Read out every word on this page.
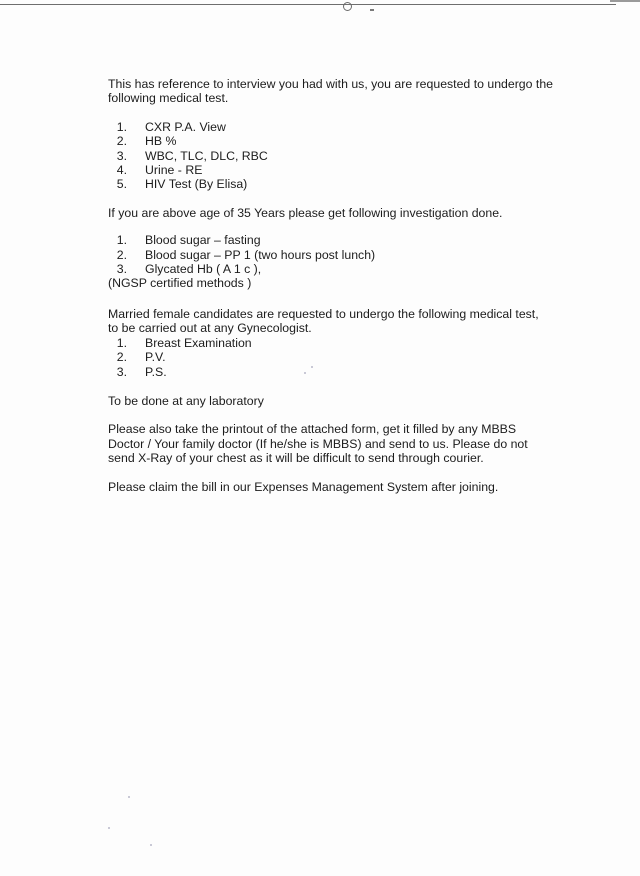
This has reference to interview you had with us, you are requested to undergo the following medical test.

1. CXR P.A. View
2. HB %
3. WBC, TLC, DLC, RBC
4. Urine - RE
5. HIV Test (By Elisa)

If you are above age of 35 Years please get following investigation done.

1. Blood sugar – fasting
2. Blood sugar – PP 1 (two hours post lunch)
3. Glycated Hb ( A 1 c ),

(NGSP certified methods )

Married female candidates are requested to undergo the following medical test,

to be carried out at any Gynecologist.

1. Breast Examination
2. P.V.
3. P.S.

To be done at any laboratory

Please also take the printout of the attached form, get it filled by any MBBS

Doctor / Your family doctor (If he/she is MBBS) and send to us. Please do not

send X-Ray of your chest as it will be difficult to send through courier.

Please claim the bill in our Expenses Management System after joining.
